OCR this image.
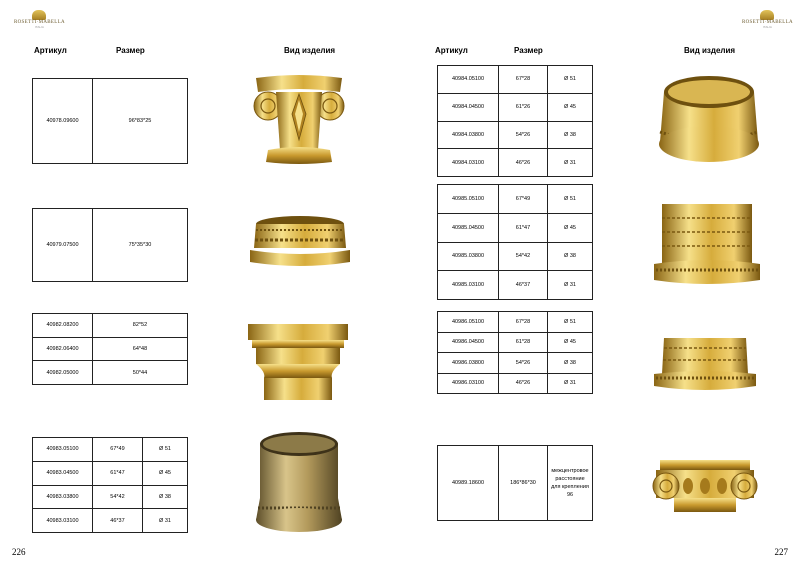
ROSETTI·MABELLA
ITALIA
ROSETTI·MABELLA
ITALIA
Артикул	Размер	Вид изделия	Артикул	Размер	Вид изделия
40978.09600	96*83*25
40979.07500	75*35*30
40982.08200	82*52
40982.06400	64*48
40982.05000	50*44
40983.05100	67*49	Ø 51
40983.04500	61*47	Ø 45
40983.03800	54*42	Ø 38
40983.03100	46*37	Ø 31
40984.05100	67*28	Ø 51
40984.04500	61*26	Ø 45
40984.03800	54*26	Ø 38
40984.03100	46*26	Ø 31
40985.05100	67*49	Ø 51
40985.04500	61*47	Ø 45
40985.03800	54*42	Ø 38
40985.03100	46*37	Ø 31
40986.05100	67*28	Ø 51
40986.04500	61*28	Ø 45
40986.03800	54*26	Ø 38
40986.03100	46*26	Ø 31
40989.18600	186*86*30	межцентровое расстояние для крепления 96
226	227
